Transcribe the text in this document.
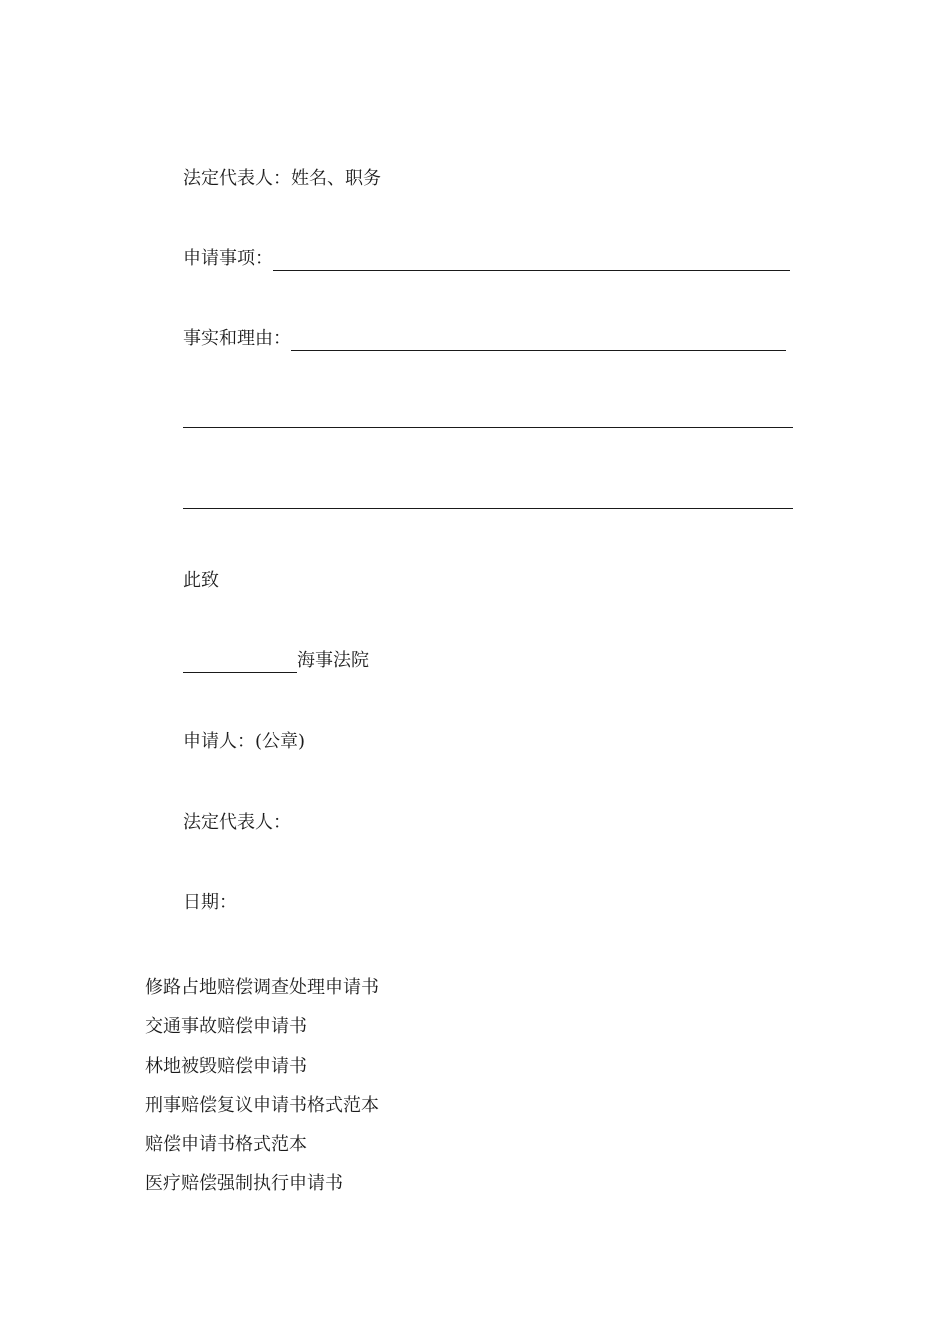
法定代表人：姓名、职务
申请事项：
事实和理由：
此致
海事法院
申请人：(公章)
法定代表人：
日期：
修路占地赔偿调查处理申请书
交通事故赔偿申请书
林地被毁赔偿申请书
刑事赔偿复议申请书格式范本
赔偿申请书格式范本
医疗赔偿强制执行申请书
